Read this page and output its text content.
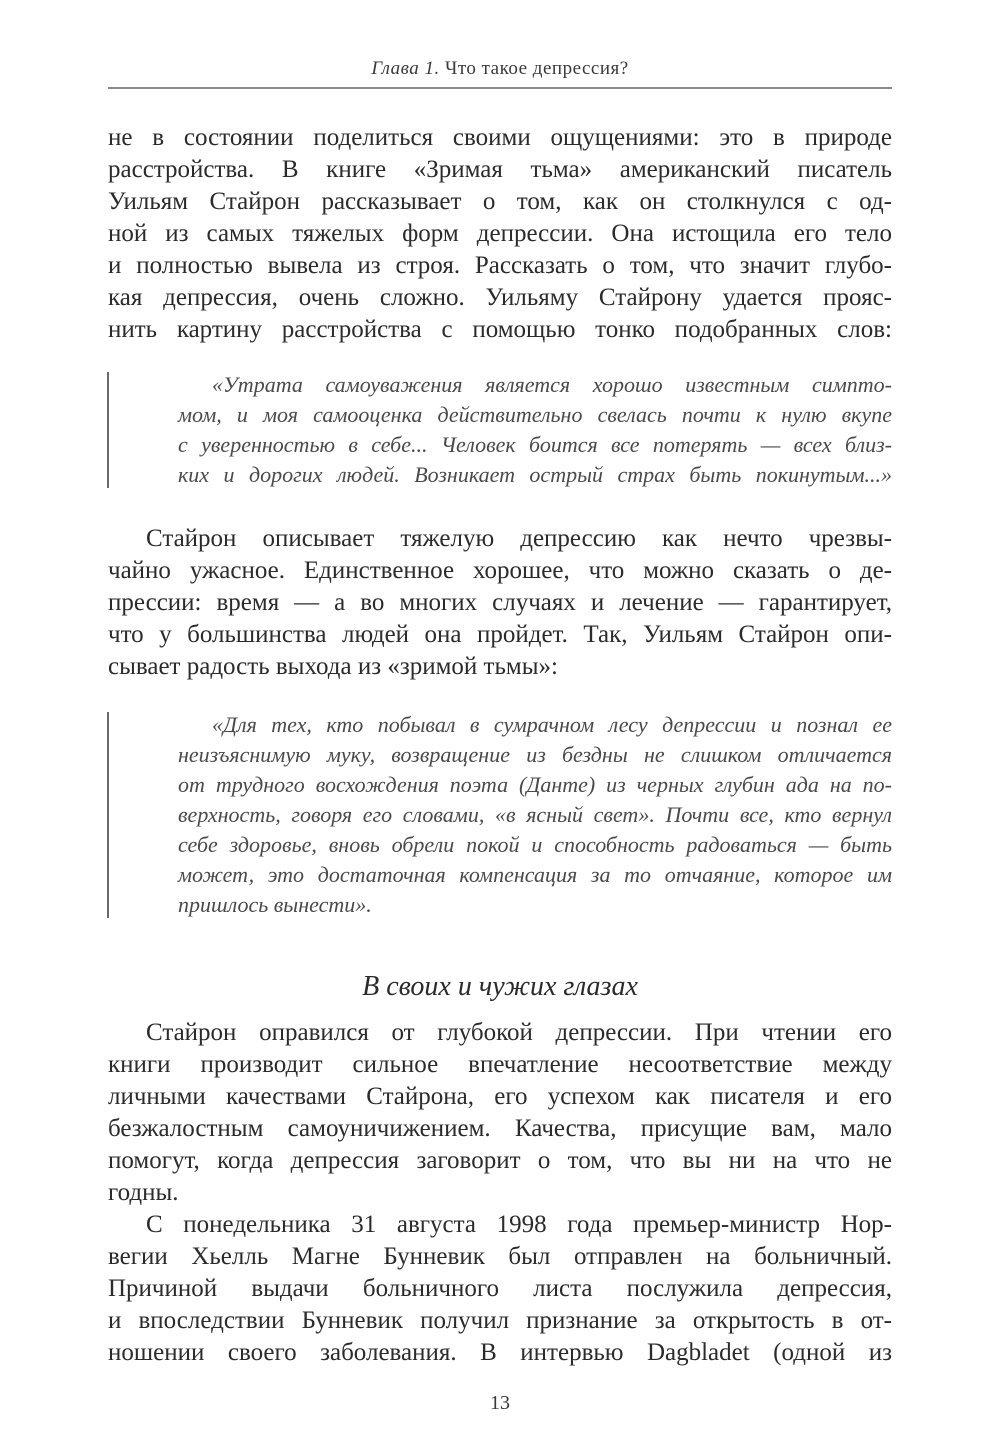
Глава 1. Что такое депрессия?

не в состоянии поделиться своими ощущениями: это в природе

расстройства. В книге «Зримая тьма» американский писатель

Уильям Стайрон рассказывает о том, как он столкнулся с од-

ной из самых тяжелых форм депрессии. Она истощила его тело

и полностью вывела из строя. Рассказать о том, что значит глубо-

кая депрессия, очень сложно. Уильяму Стайрону удается прояс-

нить картину расстройства с помощью тонко подобранных слов:

«Утрата самоуважения является хорошо известным симпто-

мом, и моя самооценка действительно свелась почти к нулю вкупе

с уверенностью в себе... Человек боится все потерять — всех близ-

ких и дорогих людей. Возникает острый страх быть покинутым...»

Стайрон описывает тяжелую депрессию как нечто чрезвы-

чайно ужасное. Единственное хорошее, что можно сказать о де-

прессии: время — а во многих случаях и лечение — гарантирует,

что у большинства людей она пройдет. Так, Уильям Стайрон опи-

сывает радость выхода из «зримой тьмы»:

«Для тех, кто побывал в сумрачном лесу депрессии и познал ее

неизъяснимую муку, возвращение из бездны не слишком отличается

от трудного восхождения поэта (Данте) из черных глубин ада на по-

верхность, говоря его словами, «в ясный свет». Почти все, кто вернул

себе здоровье, вновь обрели покой и способность радоваться — быть

может, это достаточная компенсация за то отчаяние, которое им

пришлось вынести».

В своих и чужих глазах

Стайрон оправился от глубокой депрессии. При чтении его

книги производит сильное впечатление несоответствие между

личными качествами Стайрона, его успехом как писателя и его

безжалостным самоуничижением. Качества, присущие вам, мало

помогут, когда депрессия заговорит о том, что вы ни на что не

годны.

С понедельника 31 августа 1998 года премьер-министр Нор-

вегии Хьелль Магне Бунневик был отправлен на больничный.

Причиной выдачи больничного листа послужила депрессия,

и впоследствии Бунневик получил признание за открытость в от-

ношении своего заболевания. В интервью Dagbladet (одной из

13
